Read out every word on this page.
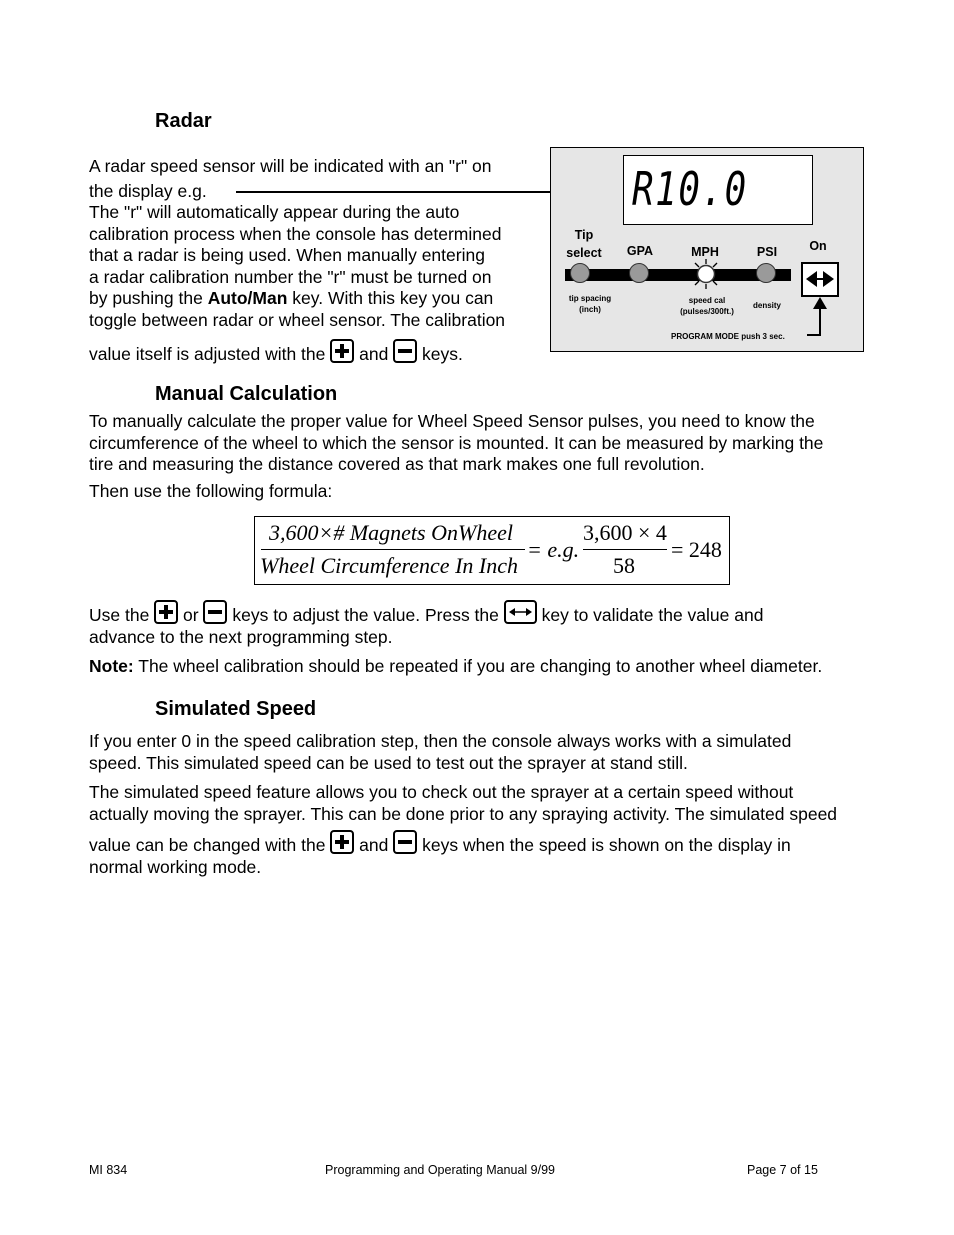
Radar
A radar speed sensor will be indicated with an "r" on
the display e.g.
The "r" will automatically appear during the auto
calibration process when the console has determined
that a radar is being used. When manually entering
a radar calibration number the "r" must be turned on
by pushing the Auto/Man key. With this key you can
toggle between radar or wheel sensor. The calibration
value itself is adjusted with the
and
keys.
R10.0
Tip
select GPA	MPH	PSI	On
tip spacing
(inch)
speed cal
(pulses/300ft.)
density
PROGRAM MODE push 3 sec.
Manual Calculation
To manually calculate the proper value for Wheel Speed Sensor pulses, you need to know the
circumference of the wheel to which the sensor is mounted. It can be measured by marking the
tire and measuring the distance covered as that mark makes one full revolution.
Then use the following formula:
3,600×# Magnets OnWheel
Wheel Circumference In Inch
= e.g.
3,600 × 4
58
= 248
Use the
or
keys to adjust the value. Press the
key to validate the value and
advance to the next programming step.
Note: The wheel calibration should be repeated if you are changing to another wheel diameter.
Simulated Speed
If you enter 0 in the speed calibration step, then the console always works with a simulated
speed. This simulated speed can be used to test out the sprayer at stand still.
The simulated speed feature allows you to check out the sprayer at a certain speed without
actually moving the sprayer. This can be done prior to any spraying activity. The simulated speed
value can be changed with the
and
keys when the speed is shown on the display in
normal working mode.
MI 834	Programming and Operating Manual 9/99	Page 7 of 15
